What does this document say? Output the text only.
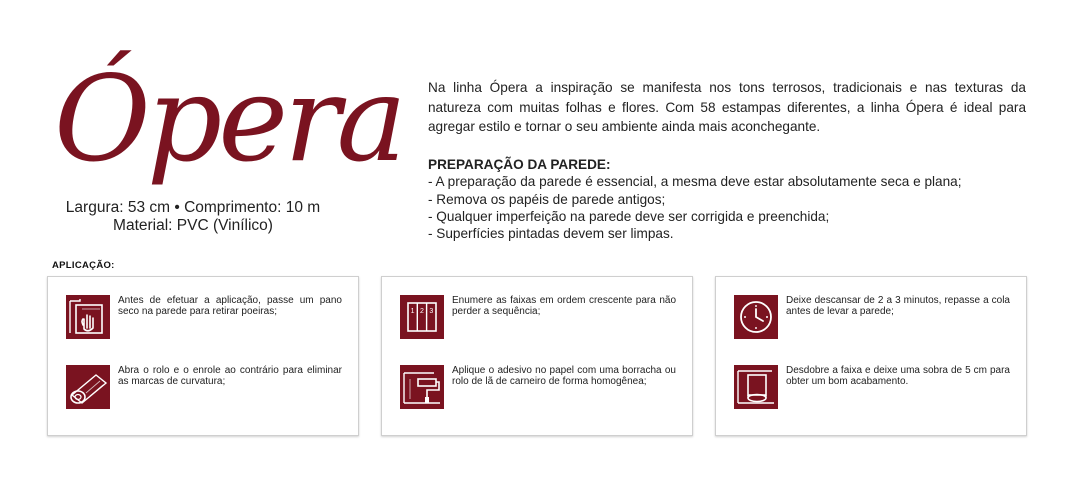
Ópera
Largura: 53 cm • Comprimento: 10 m
Material: PVC (Vinílico)
Na linha Ópera a inspiração se manifesta nos tons terrosos, tradicionais e nas texturas da natureza com muitas folhas e flores. Com 58 estampas diferentes, a linha Ópera é ideal para agregar estilo e tornar o seu ambiente ainda mais aconchegante.
PREPARAÇÃO DA PAREDE:
- A preparação da parede é essencial, a mesma deve estar absolutamente seca e plana;
- Remova os papéis de parede antigos;
- Qualquer imperfeição na parede deve ser corrigida e preenchida;
- Superfícies pintadas devem ser limpas.
APLICAÇÃO:
Antes de efetuar a aplicação, passe um pano seco na parede para retirar poeiras;
Abra o rolo e o enrole ao contrário para eliminar as marcas de curvatura;
1 2 3
Enumere as faixas em ordem crescente para não perder a sequência;
Aplique o adesivo no papel com uma borracha ou rolo de lã de carneiro de forma homogênea;
Deixe descansar de 2 a 3 minutos, repasse a cola antes de levar a parede;
Desdobre a faixa e deixe uma sobra de 5 cm para obter um bom acabamento.
